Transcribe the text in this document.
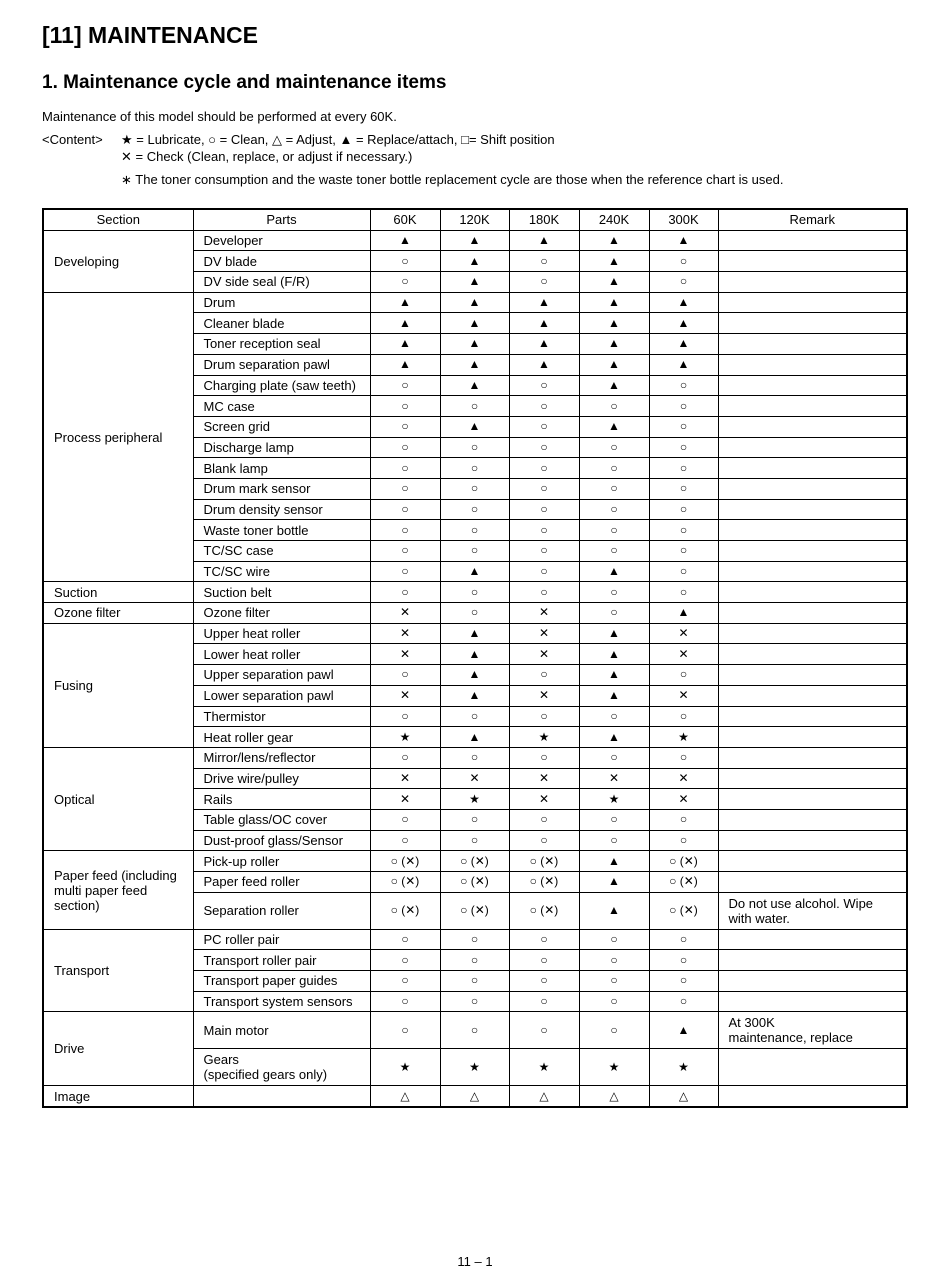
[11] MAINTENANCE
1. Maintenance cycle and maintenance items
Maintenance of this model should be performed at every 60K.
<Content> ★ = Lubricate, ○ = Clean, △ = Adjust, ▲ = Replace/attach, □= Shift position
✕ = Check (Clean, replace, or adjust if necessary.)
∗ The toner consumption and the waste toner bottle replacement cycle are those when the reference chart is used.
Section	Parts	60K	120K	180K	240K	300K	Remark
Developing	Developer	▲	▲	▲	▲	▲	
	DV blade	○	▲	○	▲	○	
	DV side seal (F/R)	○	▲	○	▲	○	
Process peripheral	Drum	▲	▲	▲	▲	▲	
	Cleaner blade	▲	▲	▲	▲	▲	
	Toner reception seal	▲	▲	▲	▲	▲	
	Drum separation pawl	▲	▲	▲	▲	▲	
	Charging plate (saw teeth)	○	▲	○	▲	○	
	MC case	○	○	○	○	○	
	Screen grid	○	▲	○	▲	○	
	Discharge lamp	○	○	○	○	○	
	Blank lamp	○	○	○	○	○	
	Drum mark sensor	○	○	○	○	○	
	Drum density sensor	○	○	○	○	○	
	Waste toner bottle	○	○	○	○	○	
	TC/SC case	○	○	○	○	○	
	TC/SC wire	○	▲	○	▲	○	
Suction	Suction belt	○	○	○	○	○	
Ozone filter	Ozone filter	✕	○	✕	○	▲	
Fusing	Upper heat roller	✕	▲	✕	▲	✕	
	Lower heat roller	✕	▲	✕	▲	✕	
	Upper separation pawl	○	▲	○	▲	○	
	Lower separation pawl	✕	▲	✕	▲	✕	
	Thermistor	○	○	○	○	○	
	Heat roller gear	★	▲	★	▲	★	
Optical	Mirror/lens/reflector	○	○	○	○	○	
	Drive wire/pulley	✕	✕	✕	✕	✕	
	Rails	✕	★	✕	★	✕	
	Table glass/OC cover	○	○	○	○	○	
	Dust-proof glass/Sensor	○	○	○	○	○	
Paper feed (including multi paper feed section)	Pick-up roller	○ (✕)	○ (✕)	○ (✕)	▲	○ (✕)	
	Paper feed roller	○ (✕)	○ (✕)	○ (✕)	▲	○ (✕)	
	Separation roller	○ (✕)	○ (✕)	○ (✕)	▲	○ (✕)	Do not use alcohol. Wipe with water.
Transport	PC roller pair	○	○	○	○	○	
	Transport roller pair	○	○	○	○	○	
	Transport paper guides	○	○	○	○	○	
	Transport system sensors	○	○	○	○	○	
Drive	Main motor	○	○	○	○	▲	At 300K
maintenance, replace
	Gears
(specified gears only)	★	★	★	★	★	
Image		△	△	△	△	△	
11 – 1
